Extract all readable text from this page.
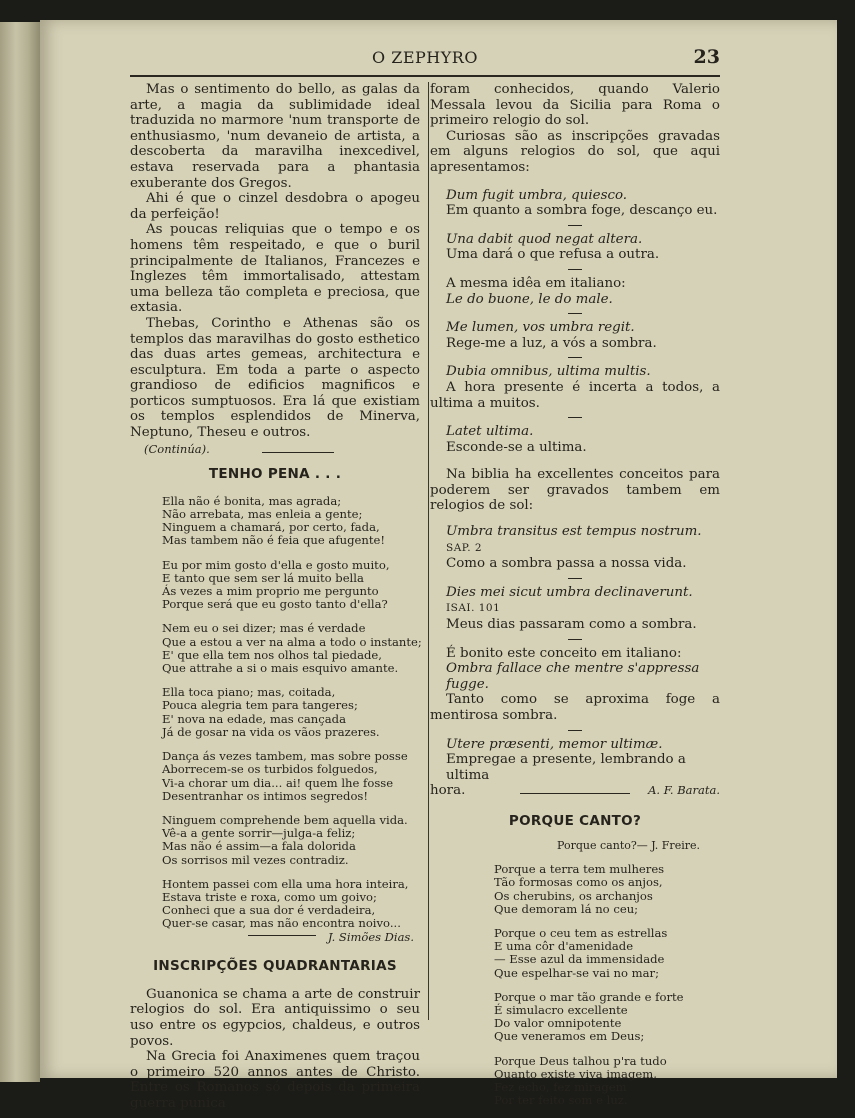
O ZEPHYRO	23

Mas o sentimento do bello, as galas da arte, a magia da sublimidade ideal traduzida no marmore 'num transporte de enthusiasmo, 'num devaneio de artista, a descoberta da maravilha inexcedivel, estava reservada para a phantasia exuberante dos Gregos.

Ahi é que o cinzel desdobra o apogeu da perfeição!

As poucas reliquias que o tempo e os homens têm respeitado, e que o buril principalmente de Italianos, Francezes e Inglezes têm immortalisado, attestam uma belleza tão completa e preciosa, que extasia.

Thebas, Corintho e Athenas são os templos das maravilhas do gosto esthetico das duas artes gemeas, architectura e esculptura. Em toda a parte o aspecto grandioso de edificios magnificos e porticos sumptuosos. Era lá que existiam os templos esplendidos de Minerva, Neptuno, Theseu e outros.

(Continúa).
TENHO PENA . . .
Ella não é bonita, mas agrada;
Não arrebata, mas enleia a gente;
Ninguem a chamará, por certo, fada,
Mas tambem não é feia que afugente!
Eu por mim gosto d'ella e gosto muito,
E tanto que sem ser lá muito bella
Ás vezes a mim proprio me pergunto
Porque será que eu gosto tanto d'ella?
Nem eu o sei dizer; mas é verdade
Que a estou a ver na alma a todo o instante;
E' que ella tem nos olhos tal piedade,
Que attrahe a si o mais esquivo amante.
Ella toca piano; mas, coitada,
Pouca alegria tem para tangeres;
E' nova na edade, mas cançada
Já de gosar na vida os vãos prazeres.
Dança ás vezes tambem, mas sobre posse
Aborrecem-se os turbidos folguedos,
Vi-a chorar um dia... ai! quem lhe fosse
Desentranhar os intimos segredos!
Ninguem comprehende bem aquella vida.
Vê-a a gente sorrir—julga-a feliz;
Mas não é assim—a fala dolorida
Os sorrisos mil vezes contradiz.
Hontem passei com ella uma hora inteira,
Estava triste e roxa, como um goivo;
Conheci que a sua dor é verdadeira,
Quer-se casar, mas não encontra noivo...
J. Simões Dias.
INSCRIPÇÕES QUADRANTARIAS

Guanonica se chama a arte de construir relogios do sol. Era antiquissimo o seu uso entre os egypcios, chaldeus, e outros povos.

Na Grecia foi Anaximenes quem traçou o primeiro 520 annos antes de Christo. Entre os Romanos só depois da primeira guerra punica

foram conhecidos, quando Valerio Messala levou da Sicilia para Roma o primeiro relogio do sol.

Curiosas são as inscripções gravadas em alguns relogios do sol, que aqui apresentamos:

Dum fugit umbra, quiesco.
Em quanto a sombra foge, descanço eu.
Una dabit quod negat altera.
Uma dará o que refusa a outra.
A mesma idêa em italiano:
Le do buone, le do male.
Me lumen, vos umbra regit.
Rege-me a luz, a vós a sombra.
Dubia omnibus, ultima multis.

A hora presente é incerta a todos, a ultima a muitos.

Latet ultima.
Esconde-se a ultima.

Na biblia ha excellentes conceitos para poderem ser gravados tambem em relogios de sol:

Umbra transitus est tempus nostrum. SAP. 2
Como a sombra passa a nossa vida.
Dies mei sicut umbra declinaverunt. ISAI. 101
Meus dias passaram como a sombra.
É bonito este conceito em italiano:
Ombra fallace che mentre s'appressa fugge.

Tanto como se aproxima foge a mentirosa sombra.

Utere præsenti, memor ultimæ.
Empregae a presente, lembrando a ultima
hora.	A. F. Barata.
PORQUE CANTO?
Porque canto?— J. Freire.
Porque a terra tem mulheres
Tão formosas como os anjos,
Os cherubins, os archanjos
Que demoram lá no ceu;
Porque o ceu tem as estrellas
E uma côr d'amenidade
— Esse azul da immensidade
Que espelhar-se vai no mar;
Porque o mar tão grande e forte
É simulacro excellente
Do valor omnipotente
Que veneramos em Deus;
Porque Deus talhou p'ra tudo
Quanto existe viva imagem,
Fez echo, fez miragem
Por ter feito som e luz.
